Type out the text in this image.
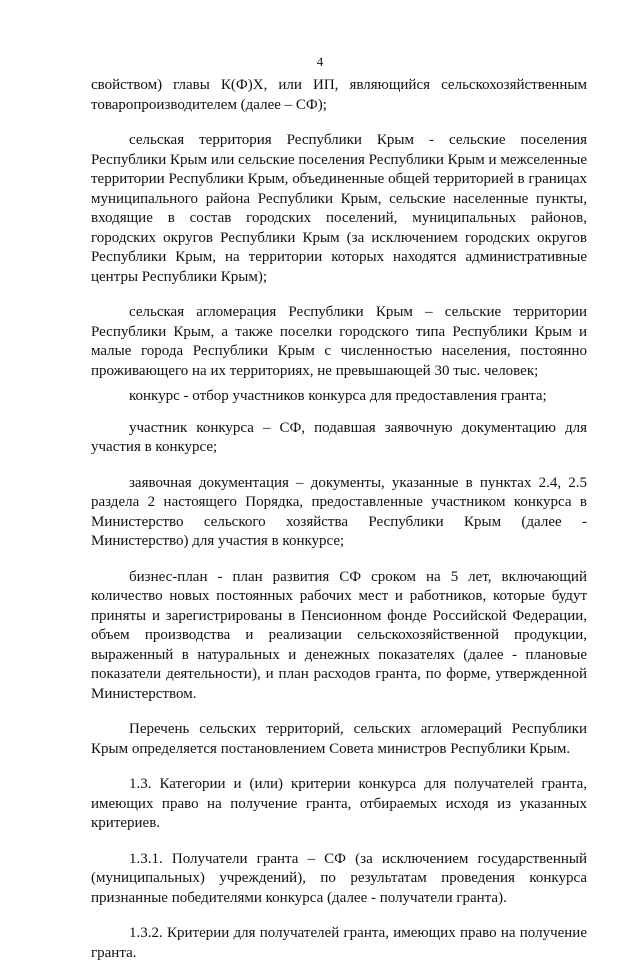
4

свойством) главы К(Ф)Х, или ИП, являющийся сельскохозяйственным товаропроизводителем (далее – СФ);

сельская территория Республики Крым - сельские поселения Республики Крым или сельские поселения Республики Крым и межселенные территории Республики Крым, объединенные общей территорией в границах муниципального района Республики Крым, сельские населенные пункты, входящие в состав городских поселений, муниципальных районов, городских округов Республики Крым (за исключением городских округов Республики Крым, на территории которых находятся административные центры Республики Крым);

сельская агломерация Республики Крым – сельские территории Республики Крым, а также поселки городского типа Республики Крым и малые города Республики Крым с численностью населения, постоянно проживающего на их территориях, не превышающей 30 тыс. человек;

конкурс - отбор участников конкурса для предоставления гранта;

участник конкурса – СФ, подавшая заявочную документацию для участия в конкурсе;

заявочная документация – документы, указанные в пунктах 2.4, 2.5 раздела 2 настоящего Порядка, предоставленные участником конкурса в Министерство сельского хозяйства Республики Крым (далее - Министерство) для участия в конкурсе;

бизнес-план - план развития СФ сроком на 5 лет, включающий количество новых постоянных рабочих мест и работников, которые будут приняты и зарегистрированы в Пенсионном фонде Российской Федерации, объем производства и реализации сельскохозяйственной продукции, выраженный в натуральных и денежных показателях (далее - плановые показатели деятельности), и план расходов гранта, по форме, утвержденной Министерством.

Перечень сельских территорий, сельских агломераций Республики Крым определяется постановлением Совета министров Республики Крым.

1.3. Категории и (или) критерии конкурса для получателей гранта, имеющих право на получение гранта, отбираемых исходя из указанных критериев.

1.3.1. Получатели гранта – СФ (за исключением государственный (муниципальных) учреждений), по результатам проведения конкурса признанные победителями конкурса (далее - получатели гранта).

1.3.2. Критерии для получателей гранта, имеющих право на получение гранта.
